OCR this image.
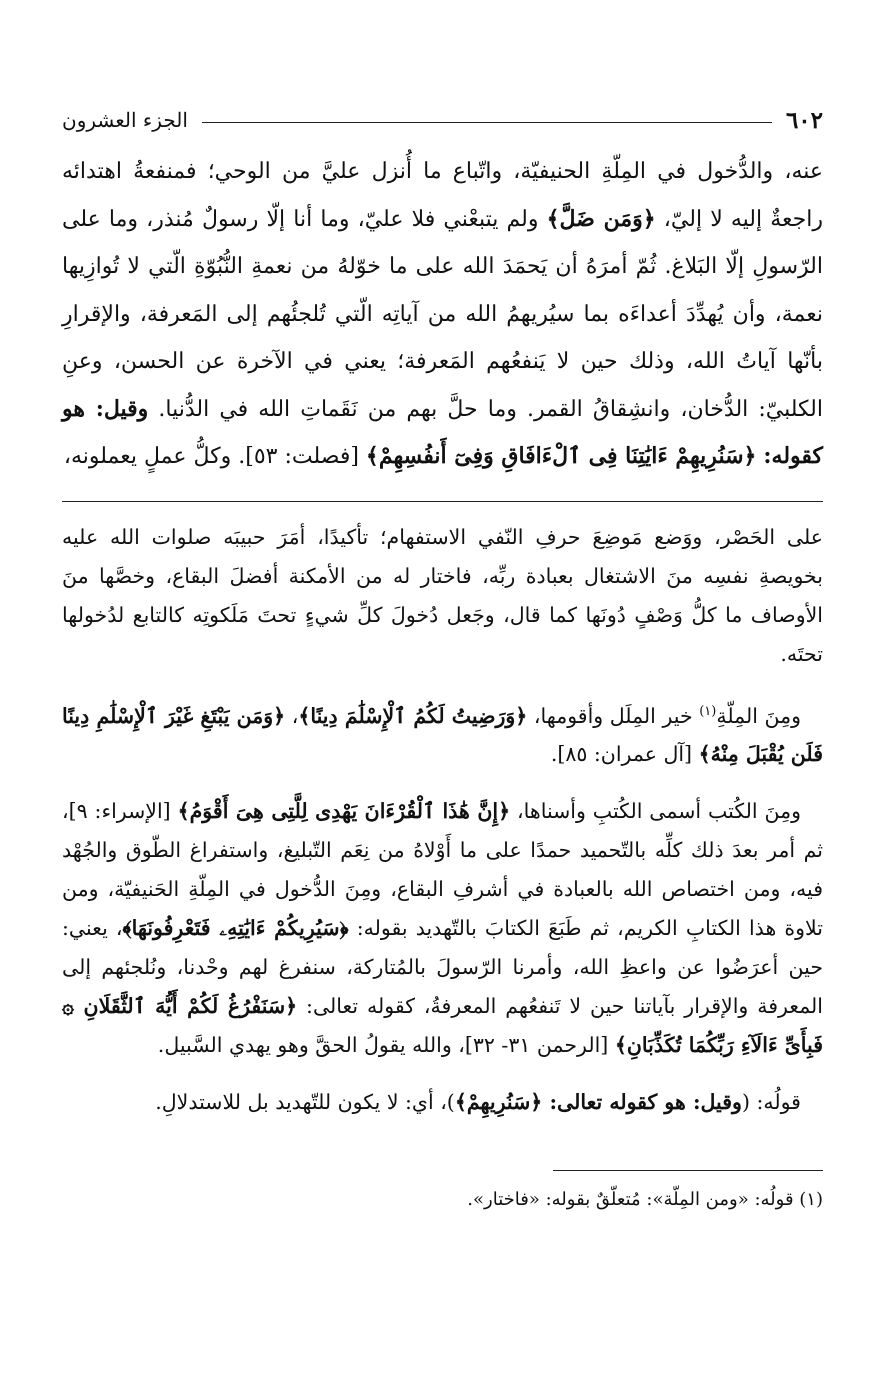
٦٠٢
الجزء العشرون
عنه، والدُّخول في المِلّةِ الحنيفيّة، واتّباع ما أُنزل عليَّ من الوحي؛ فمنفعةُ اهتدائه راجعةٌ إليه لا إليّ، ﴿وَمَن ضَلَّ﴾ ولم يتبعْني فلا عليّ، وما أنا إلّا رسولٌ مُنذر، وما على الرّسولِ إلّا البَلاغ. ثُمّ أمرَهُ أن يَحمَدَ الله على ما خوّلهُ من نعمةِ النُّبُوّةِ الّتي لا تُوازِيها نعمة، وأن يُهدِّدَ أعداءَه بما سيُريهمُ الله من آياتِه الّتي تُلجئُهم إلى المَعرفة، والإقرارِ بأنّها آياتُ الله، وذلك حين لا يَنفعُهم المَعرفة؛ يعني في الآخرة عن الحسن، وعنِ الكلبيّ: الدُّخان، وانشِقاقُ القمر. وما حلَّ بهم من نَقَماتِ الله في الدُّنيا. وقيل: هو كقوله: ﴿سَنُرِيهِمْ ءَايَٰتِنَا فِى ٱلْءَافَاقِ وَفِىٓ أَنفُسِهِمْ﴾ [فصلت: ٥٣]. وكلُّ عملٍ يعملونه،

على الحَصْر، ووَضع مَوضِعَ حرفِ النّفي الاستفهام؛ تأكيدًا، أمَرَ حبيبَه صلوات الله عليه بخويصةِ نفسِه منَ الاشتغال بعبادة ربِّه، فاختار له من الأمكنة أفضلَ البقاع، وخصَّها منَ الأوصاف ما كلُّ وَصْفٍ دُونَها كما قال، وجَعل دُخولَ كلِّ شيءٍ تحتَ مَلَكوتِه كالتابع لدُخولها تحتَه.

ومِنَ المِلّةِ$^{(١)}$ خير المِلَل وأقومها، ﴿وَرَضِيتُ لَكُمُ ٱلْإِسْلَٰمَ دِينًا﴾، ﴿وَمَن يَبْتَغِ غَيْرَ ٱلْإِسْلَٰمِ دِينًا فَلَن يُقْبَلَ مِنْهُ﴾ [آل عمران: ٨٥].

ومِنَ الكُتب أسمى الكُتبِ وأسناها، ﴿إِنَّ هَٰذَا ٱلْقُرْءَانَ يَهْدِى لِلَّتِى هِىَ أَقْوَمُ﴾ [الإسراء: ٩]، ثم أمر بعدَ ذلك كلِّه بالتّحميد حمدًا على ما أَوْلاهُ من نِعَم التّبليغ، واستفراغ الطّوق والجُهْد فيه، ومن اختصاص الله بالعبادة في أشرفِ البقاع، ومِنَ الدُّخول في المِلّةِ الحَنيفيّة، ومن تلاوة هذا الكتابِ الكريم، ثم طَبَعَ الكتابَ بالتّهديد بقوله: ﴿سَيُرِيكُمْ ءَايَٰتِهِۦ فَتَعْرِفُونَهَا﴾، يعني: حين أعرَضُوا عن واعظِ الله، وأمرنا الرّسولَ بالمُتاركة، سنفرغ لهم وحْدنا، ونُلجئهم إلى المعرفة والإقرار بآياتنا حين لا تَنفعُهم المعرفةُ، كقوله تعالى: ﴿سَنَفْرُغُ لَكُمْ أَيُّهَ ٱلثَّقَلَانِ ۞ فَبِأَىِّ ءَالَآءِ رَبِّكُمَا تُكَذِّبَانِ﴾ [الرحمن ٣١- ٣٢]، والله يقولُ الحقَّ وهو يهدي السَّبيل.

قولُه: (وقيل: هو كقوله تعالى: ﴿سَنُرِيهِمْ﴾)، أي: لا يكون للتّهديد بل للاستدلالِ.

(١) قولُه: «ومن المِلّة»: مُتعلّقٌ بقوله: «فاختار».
